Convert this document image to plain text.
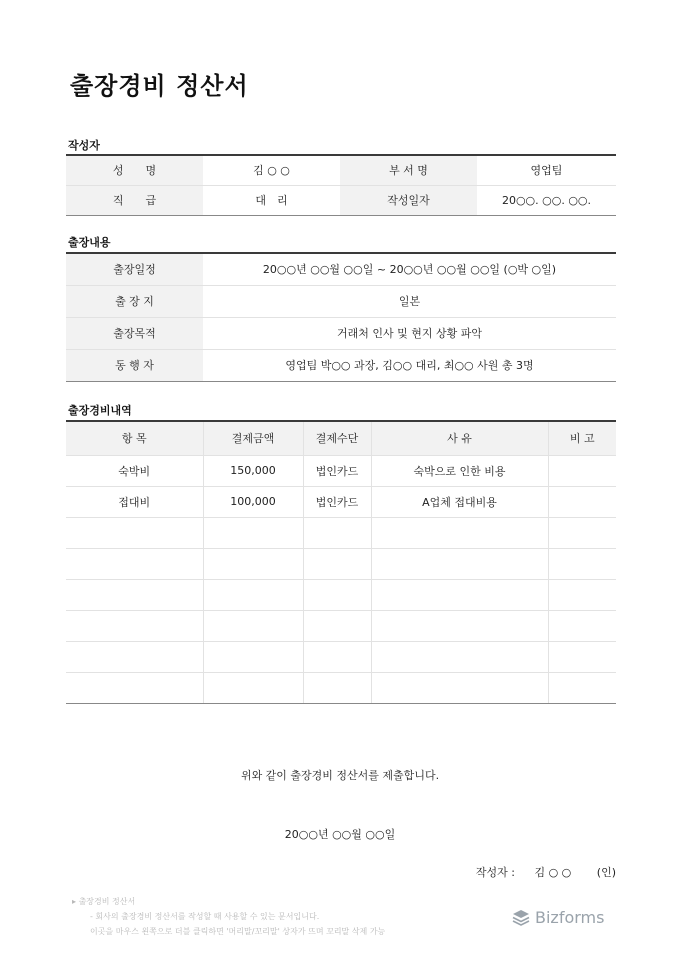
출장경비 정산서
작성자
성　　명	김 ○ ○	부 서 명	영업팀
직　　급	대　리	작성일자	20○○. ○○. ○○.
출장내용
출장일정	20○○년 ○○월 ○○일 ~ 20○○년 ○○월 ○○일 (○박 ○일)
출 장 지	일본
출장목적	거래처 인사 및 현지 상황 파악
동 행 자	영업팀 박○○ 과장, 김○○ 대리, 최○○ 사원 총 3명
출장경비내역
항 목	결제금액	결제수단	사 유	비 고
숙박비	150,000	법인카드	숙박으로 인한 비용	
접대비	100,000	법인카드	A업체 접대비용	

위와 같이 출장경비 정산서를 제출합니다.
20○○년 ○○월 ○○일
작성자 : 김 ○ ○ (인)
▸ 출장경비 정산서
- 회사의 출장경비 정산서를 작성할 때 사용할 수 있는 문서입니다.
이곳을 마우스 왼쪽으로 더블 클릭하면 '머리말/꼬리말' 상자가 뜨며 꼬리말 삭제 가능
Bizforms
